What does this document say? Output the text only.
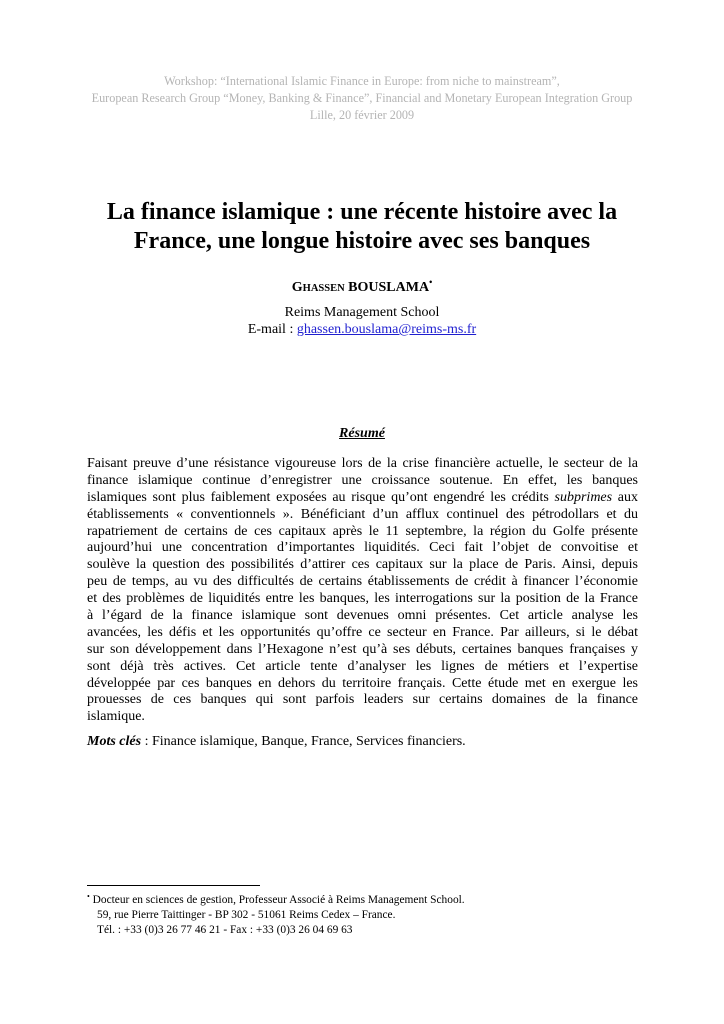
Workshop: “International Islamic Finance in Europe: from niche to mainstream”,
European Research Group “Money, Banking & Finance”, Financial and Monetary European Integration Group
Lille, 20 février 2009
La finance islamique : une récente histoire avec la
France, une longue histoire avec ses banques
GHASSEN BOUSLAMA•
Reims Management School
E-mail : ghassen.bouslama@reims-ms.fr
Résumé
Faisant preuve d’une résistance vigoureuse lors de la crise financière actuelle, le secteur de la
finance islamique continue d’enregistrer une croissance soutenue. En effet, les banques
islamiques sont plus faiblement exposées au risque qu’ont engendré les crédits subprimes aux
établissements « conventionnels ». Bénéficiant d’un afflux continuel des pétrodollars et du
rapatriement de certains de ces capitaux après le 11 septembre, la région du Golfe présente
aujourd’hui une concentration d’importantes liquidités. Ceci fait l’objet de convoitise et
soulève la question des possibilités d’attirer ces capitaux sur la place de Paris. Ainsi, depuis
peu de temps, au vu des difficultés de certains établissements de crédit à financer l’économie
et des problèmes de liquidités entre les banques, les interrogations sur la position de la France
à l’égard de la finance islamique sont devenues omni présentes. Cet article analyse les
avancées, les défis et les opportunités qu’offre ce secteur en France. Par ailleurs, si le débat
sur son développement dans l’Hexagone n’est qu’à ses débuts, certaines banques françaises y
sont déjà très actives. Cet article tente d’analyser les lignes de métiers et l’expertise
développée par ces banques en dehors du territoire français. Cette étude met en exergue les
prouesses de ces banques qui sont parfois leaders sur certains domaines de la finance
islamique.
Mots clés : Finance islamique, Banque, France, Services financiers.
• Docteur en sciences de gestion, Professeur Associé à Reims Management School.
59, rue Pierre Taittinger - BP 302 - 51061 Reims Cedex – France.
Tél. : +33 (0)3 26 77 46 21 - Fax : +33 (0)3 26 04 69 63
